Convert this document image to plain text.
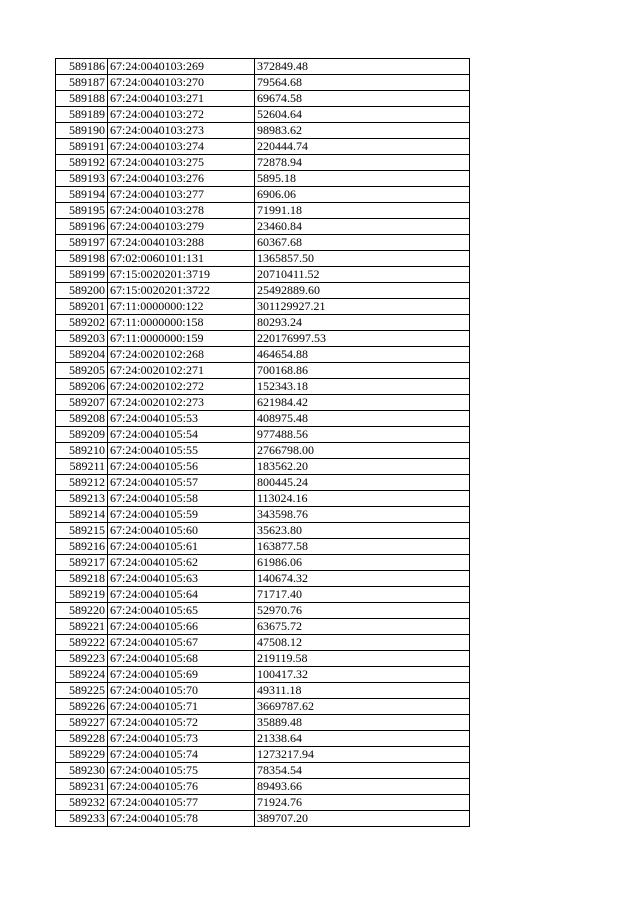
589186	67:24:0040103:269	372849.48
589187	67:24:0040103:270	79564.68
589188	67:24:0040103:271	69674.58
589189	67:24:0040103:272	52604.64
589190	67:24:0040103:273	98983.62
589191	67:24:0040103:274	220444.74
589192	67:24:0040103:275	72878.94
589193	67:24:0040103:276	5895.18
589194	67:24:0040103:277	6906.06
589195	67:24:0040103:278	71991.18
589196	67:24:0040103:279	23460.84
589197	67:24:0040103:288	60367.68
589198	67:02:0060101:131	1365857.50
589199	67:15:0020201:3719	20710411.52
589200	67:15:0020201:3722	25492889.60
589201	67:11:0000000:122	301129927.21
589202	67:11:0000000:158	80293.24
589203	67:11:0000000:159	220176997.53
589204	67:24:0020102:268	464654.88
589205	67:24:0020102:271	700168.86
589206	67:24:0020102:272	152343.18
589207	67:24:0020102:273	621984.42
589208	67:24:0040105:53	408975.48
589209	67:24:0040105:54	977488.56
589210	67:24:0040105:55	2766798.00
589211	67:24:0040105:56	183562.20
589212	67:24:0040105:57	800445.24
589213	67:24:0040105:58	113024.16
589214	67:24:0040105:59	343598.76
589215	67:24:0040105:60	35623.80
589216	67:24:0040105:61	163877.58
589217	67:24:0040105:62	61986.06
589218	67:24:0040105:63	140674.32
589219	67:24:0040105:64	71717.40
589220	67:24:0040105:65	52970.76
589221	67:24:0040105:66	63675.72
589222	67:24:0040105:67	47508.12
589223	67:24:0040105:68	219119.58
589224	67:24:0040105:69	100417.32
589225	67:24:0040105:70	49311.18
589226	67:24:0040105:71	3669787.62
589227	67:24:0040105:72	35889.48
589228	67:24:0040105:73	21338.64
589229	67:24:0040105:74	1273217.94
589230	67:24:0040105:75	78354.54
589231	67:24:0040105:76	89493.66
589232	67:24:0040105:77	71924.76
589233	67:24:0040105:78	389707.20
